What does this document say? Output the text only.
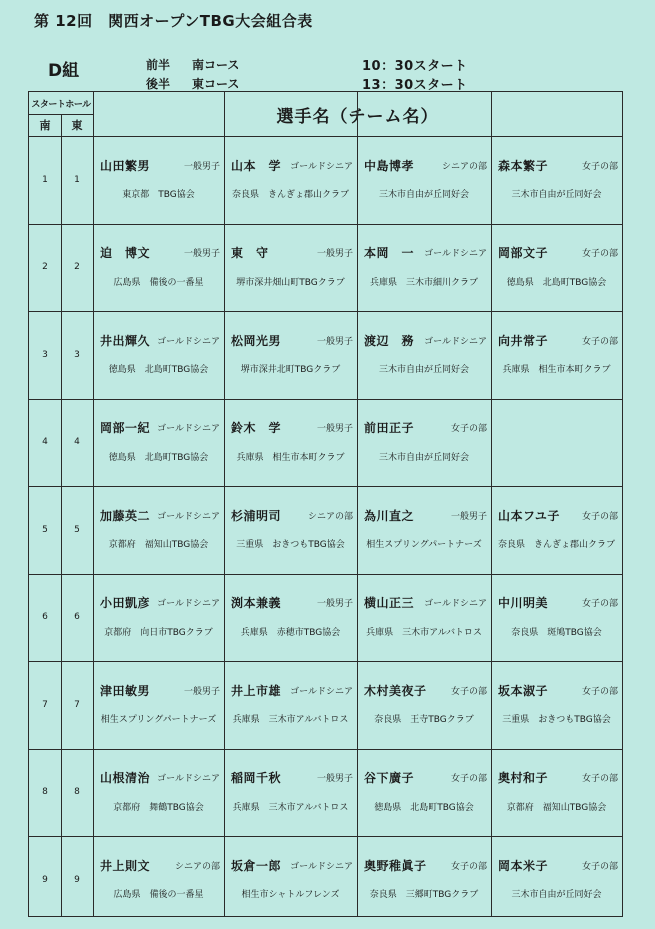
第 12回　関西オープンTBG大会組合表
D組	前半 南コース	10：30スタート
後半 東コース	13：30スタート
スタートホール
南	東	選手名（チーム名）
1	1
山田繁男	一般男子
東京都　TBG協会
山本　学 ゴールドシニア
奈良県　きんぎょ郡山クラブ
中島博孝	シニアの部
三木市自由が丘同好会
森本繁子	女子の部
三木市自由が丘同好会
2	2
迫　博文	一般男子
広島県　備後の一番星
東　守	一般男子
堺市深井畑山町TBGクラブ
本岡　一 ゴールドシニア
兵庫県　三木市細川クラブ
岡部文子	女子の部
徳島県　北島町TBG協会
3	3
井出輝久 ゴールドシニア
徳島県　北島町TBG協会
松岡光男	一般男子
堺市深井北町TBGクラブ
渡辺　務 ゴールドシニア
三木市自由が丘同好会
向井常子	女子の部
兵庫県　相生市本町クラブ
4	4
岡部一紀 ゴールドシニア
徳島県　北島町TBG協会
鈴木　学	一般男子
兵庫県　相生市本町クラブ
前田正子	女子の部
三木市自由が丘同好会
5	5
加藤英二 ゴールドシニア
京都府　福知山TBG協会
杉浦明司	シニアの部
三重県　おきつもTBG協会
為川直之	一般男子
相生スプリングパートナーズ
山本フユ子 女子の部
奈良県　きんぎょ郡山クラブ
6	6
小田凱彦 ゴールドシニア
京都府　向日市TBGクラブ
渕本兼義	一般男子
兵庫県　赤穂市TBG協会
横山正三 ゴールドシニア
兵庫県　三木市アルバトロス
中川明美	女子の部
奈良県　斑鳩TBG協会
7	7
津田敏男	一般男子
相生スプリングパートナーズ
井上市雄 ゴールドシニア
兵庫県　三木市アルバトロス
木村美夜子	女子の部
奈良県　王寺TBGクラブ
坂本淑子	女子の部
三重県　おきつもTBG協会
8	8
山根清治 ゴールドシニア
京都府　舞鶴TBG協会
稲岡千秋	一般男子
兵庫県　三木市アルバトロス
谷下廣子	女子の部
徳島県　北島町TBG協会
奥村和子	女子の部
京都府　福知山TBG協会
9	9
井上則文	シニアの部
広島県　備後の一番星
坂倉一郎 ゴールドシニア
相生市シャトルフレンズ
奥野稚眞子	女子の部
奈良県　三郷町TBGクラブ
岡本米子	女子の部
三木市自由が丘同好会
